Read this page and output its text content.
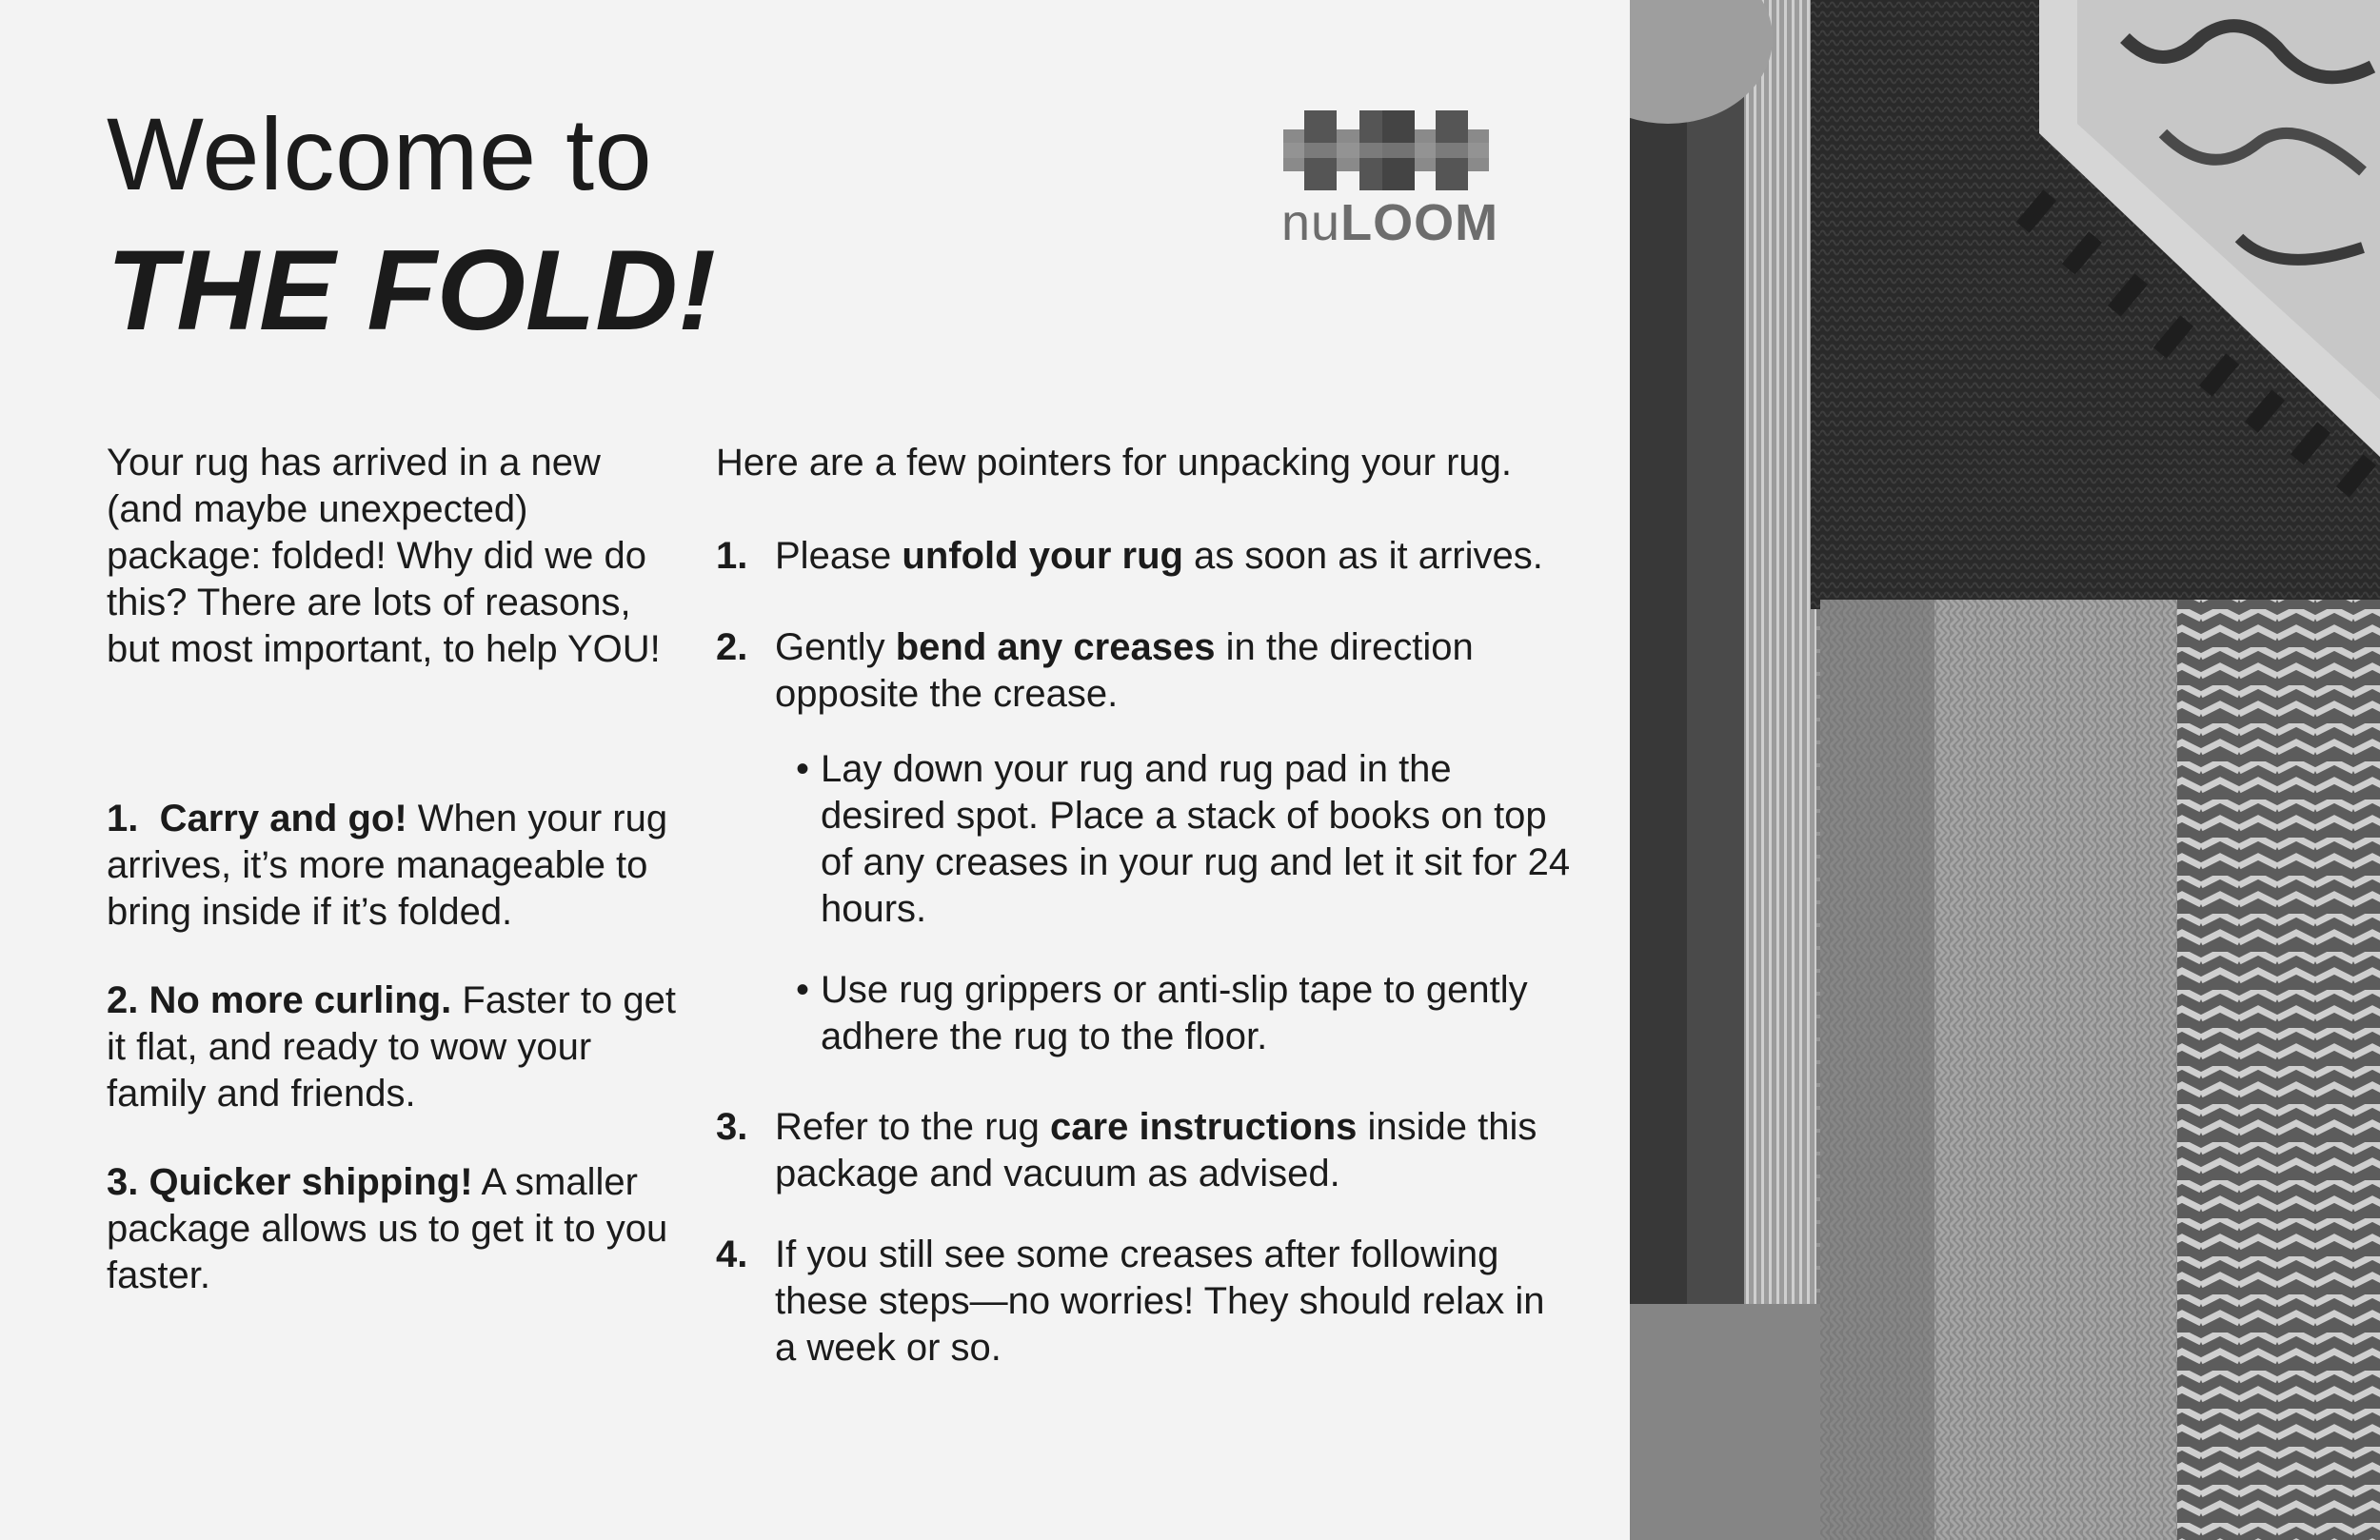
Welcome to
THE FOLD!
nuLOOM

Your rug has arrived in a new (and maybe unexpected) package: folded! Why did we do this? There are lots of reasons, but most important, to help YOU!

1. Carry and go! When your rug arrives, it’s more manageable to bring inside if it’s folded.

2. No more curling. Faster to get it flat, and ready to wow your family and friends.

3. Quicker shipping! A smaller package allows us to get it to you faster.

Here are a few pointers for unpacking your rug.

1. Please unfold your rug as soon as it arrives.

2. Gently bend any creases in the direction opposite the crease.

• Lay down your rug and rug pad in the desired spot. Place a stack of books on top of any creases in your rug and let it sit for 24 hours.
• Use rug grippers or anti-slip tape to gently adhere the rug to the floor.

3. Refer to the rug care instructions inside this package and vacuum as advised.

4. If you still see some creases after following these steps—no worries! They should relax in a week or so.
